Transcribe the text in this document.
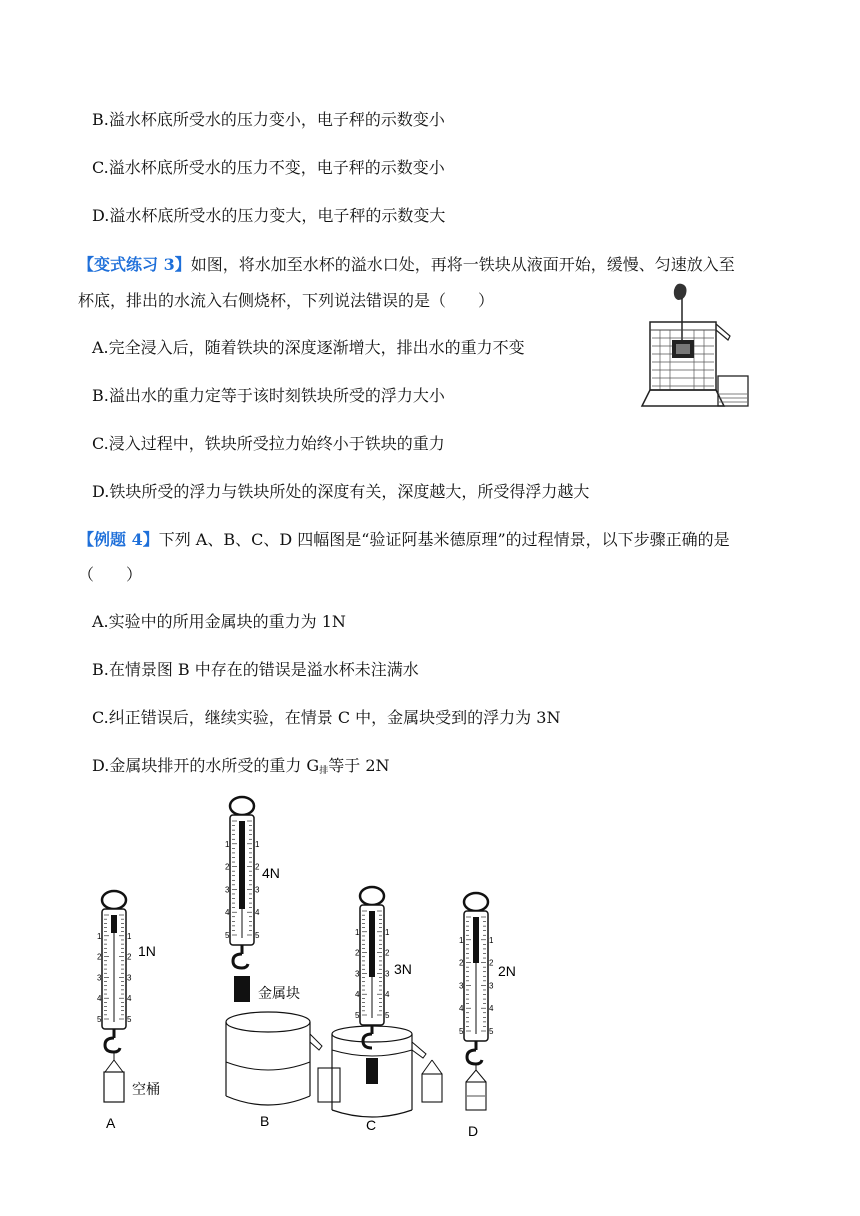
B.溢水杯底所受水的压力变小，电子秤的示数变小
C.溢水杯底所受水的压力不变，电子秤的示数变小
D.溢水杯底所受水的压力变大，电子秤的示数变大
【变式练习 3】如图，将水加至水杯的溢水口处，再将一铁块从液面开始，缓慢、匀速放入至
杯底，排出的水流入右侧烧杯，下列说法错误的是（　　）
A.完全浸入后，随着铁块的深度逐渐增大，排出水的重力不变
B.溢出水的重力定等于该时刻铁块所受的浮力大小
C.浸入过程中，铁块所受拉力始终小于铁块的重力
D.铁块所受的浮力与铁块所处的深度有关，深度越大，所受得浮力越大
【例题 4】下列 A、B、C、D 四幅图是“验证阿基米德原理”的过程情景，以下步骤正确的是
（　　）
A.实验中的所用金属块的重力为 1N
B.在情景图 B 中存在的错误是溢水杯未注满水
C.纠正错误后，继续实验，在情景 C 中，金属块受到的浮力为 3N
D.金属块排开的水所受的重力 $G_排$等于 2N
1N
空桶
A
1	1
2	2
3	3
4	4
5	5
4N
金属块
B
1	1
2	2
3	3
4	4
5	5
3N
C
1	1
2	2
3	3
4	4
5	5
2N
D
1	1
2	2
3	3
4	4
5	5
